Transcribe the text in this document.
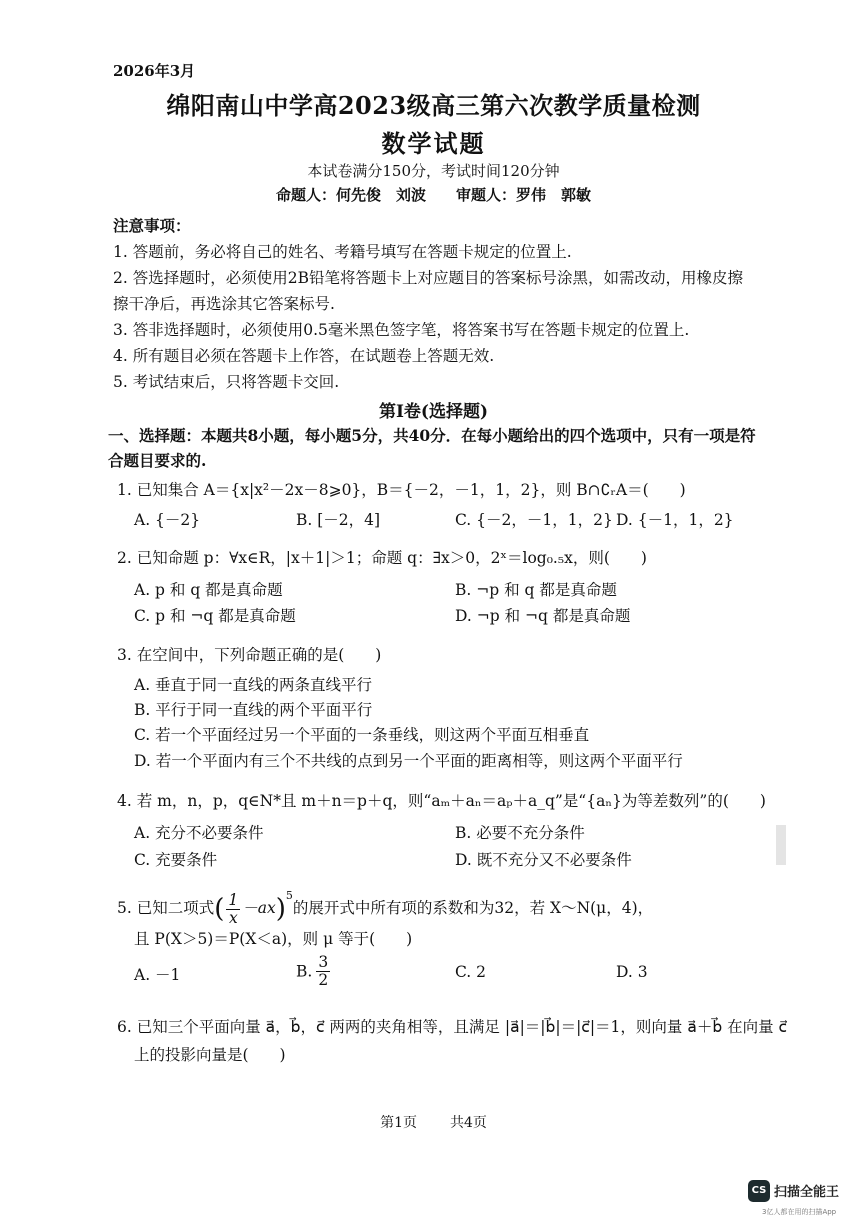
2026年3月
绵阳南山中学高2023级高三第六次教学质量检测
数学试题
本试卷满分150分，考试时间120分钟
命题人：何先俊　刘波　　审题人：罗伟　郭敏
注意事项：
1. 答题前，务必将自己的姓名、考籍号填写在答题卡规定的位置上.
2. 答选择题时，必须使用2B铅笔将答题卡上对应题目的答案标号涂黑，如需改动，用橡皮擦
擦干净后，再选涂其它答案标号.
3. 答非选择题时，必须使用0.5毫米黑色签字笔，将答案书写在答题卡规定的位置上.
4. 所有题目必须在答题卡上作答，在试题卷上答题无效.
5. 考试结束后，只将答题卡交回.
第Ⅰ卷(选择题)
一、选择题：本题共8小题，每小题5分，共40分．在每小题给出的四个选项中，只有一项是符
合题目要求的.
1. 已知集合 A＝{x|x²－2x－8⩾0}，B＝{－2，－1，1，2}，则 B∩∁ᵣA＝(　　)
A. {－2}	B. [－2，4]	C. {－2，－1，1，2} D. {－1，1，2}
2. 已知命题 p：∀x∈R，|x＋1|＞1；命题 q：∃x＞0，2ˣ＝log₀.₅x，则(　　)
A. p 和 q 都是真命题	B. ¬p 和 q 都是真命题
C. p 和 ¬q 都是真命题	D. ¬p 和 ¬q 都是真命题
3. 在空间中，下列命题正确的是(　　)
A. 垂直于同一直线的两条直线平行
B. 平行于同一直线的两个平面平行
C. 若一个平面经过另一个平面的一条垂线，则这两个平面互相垂直
D. 若一个平面内有三个不共线的点到另一个平面的距离相等，则这两个平面平行
4. 若 m，n，p，q∈N*且 m＋n＝p＋q，则“aₘ＋aₙ＝aₚ＋a_q”是“{aₙ}为等差数列”的(　　)
A. 充分不必要条件	B. 必要不充分条件
C. 充要条件	D. 既不充分又不必要条件
5. 已知二项式( $\frac{1}{x} -ax)^5$的展开式中所有项的系数和为32，若 X～N(μ，4)，
且 P(X＞5)＝P(X＜a)，则 μ 等于(　　)
A. －1	B. $\frac{3}{2}$	C. 2	D. 3
6. 已知三个平面向量 a⃗，b⃗，c⃗ 两两的夹角相等，且满足 |a⃗|＝|b⃗|＝|c⃗|＝1，则向量 a⃗＋b⃗ 在向量 c⃗
上的投影向量是(　　)
第1页 共4页
CS 扫描全能王
3亿人都在用的扫描App
